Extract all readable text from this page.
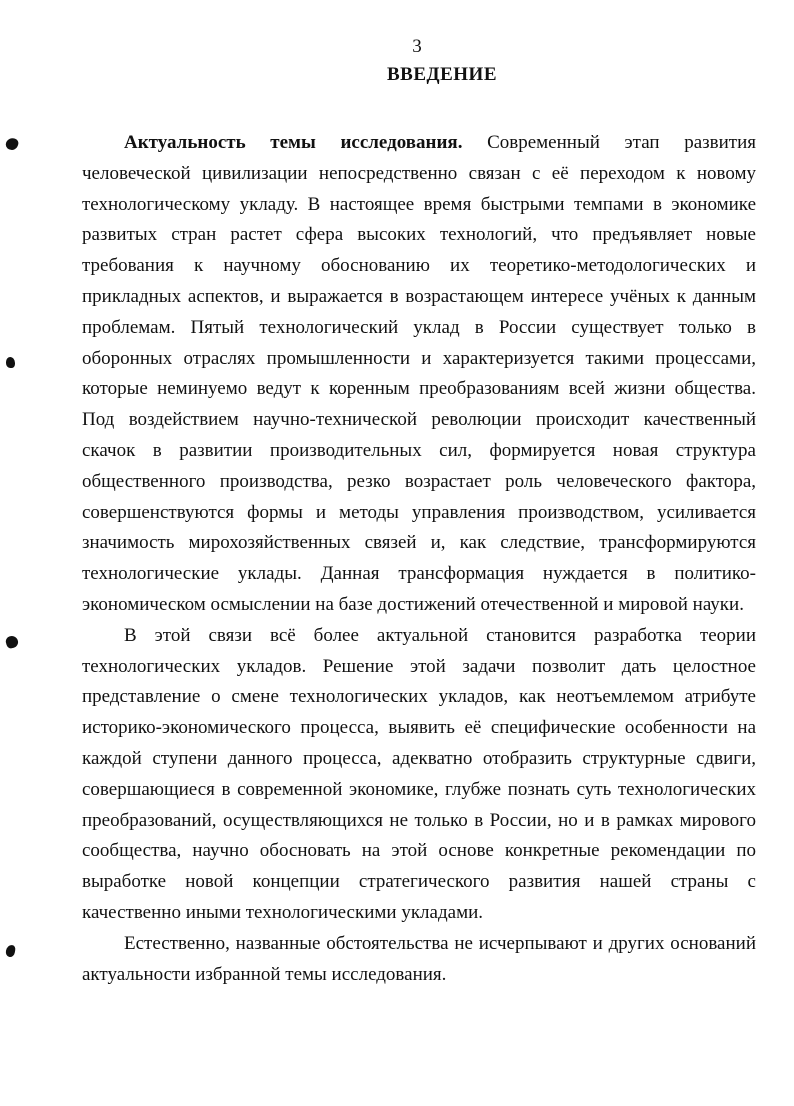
3
ВВЕДЕНИЕ

Актуальность темы исследования. Современный этап развития человеческой цивилизации непосредственно связан с её переходом к новому технологическому укладу. В настоящее время быстрыми темпами в экономике развитых стран растет сфера высоких технологий, что предъявляет новые требования к научному обоснованию их теоретико-методологических и прикладных аспектов, и выражается в возрастающем интересе учёных к данным проблемам. Пятый технологический уклад в России существует только в оборонных отраслях промышленности и характеризуется такими процессами, которые неминуемо ведут к коренным преобразованиям всей жизни общества. Под воздействием научно-технической революции происходит качественный скачок в развитии производительных сил, формируется новая структура общественного производства, резко возрастает роль человеческого фактора, совершенствуются формы и методы управления производством, усиливается значимость мирохозяйственных связей и, как следствие, трансформируются технологические уклады. Данная трансформация нуждается в политико-экономическом осмыслении на базе достижений отечественной и мировой науки.

В этой связи всё более актуальной становится разработка теории технологических укладов. Решение этой задачи позволит дать целостное представление о смене технологических укладов, как неотъемлемом атрибуте историко-экономического процесса, выявить её специфические особенности на каждой ступени данного процесса, адекватно отобразить структурные сдвиги, совершающиеся в современной экономике, глубже познать суть технологических преобразований, осуществляющихся не только в России, но и в рамках мирового сообщества, научно обосновать на этой основе конкретные рекомендации по выработке новой концепции стратегического развития нашей страны с качественно иными технологическими укладами.

Естественно, названные обстоятельства не исчерпывают и других оснований актуальности избранной темы исследования.
